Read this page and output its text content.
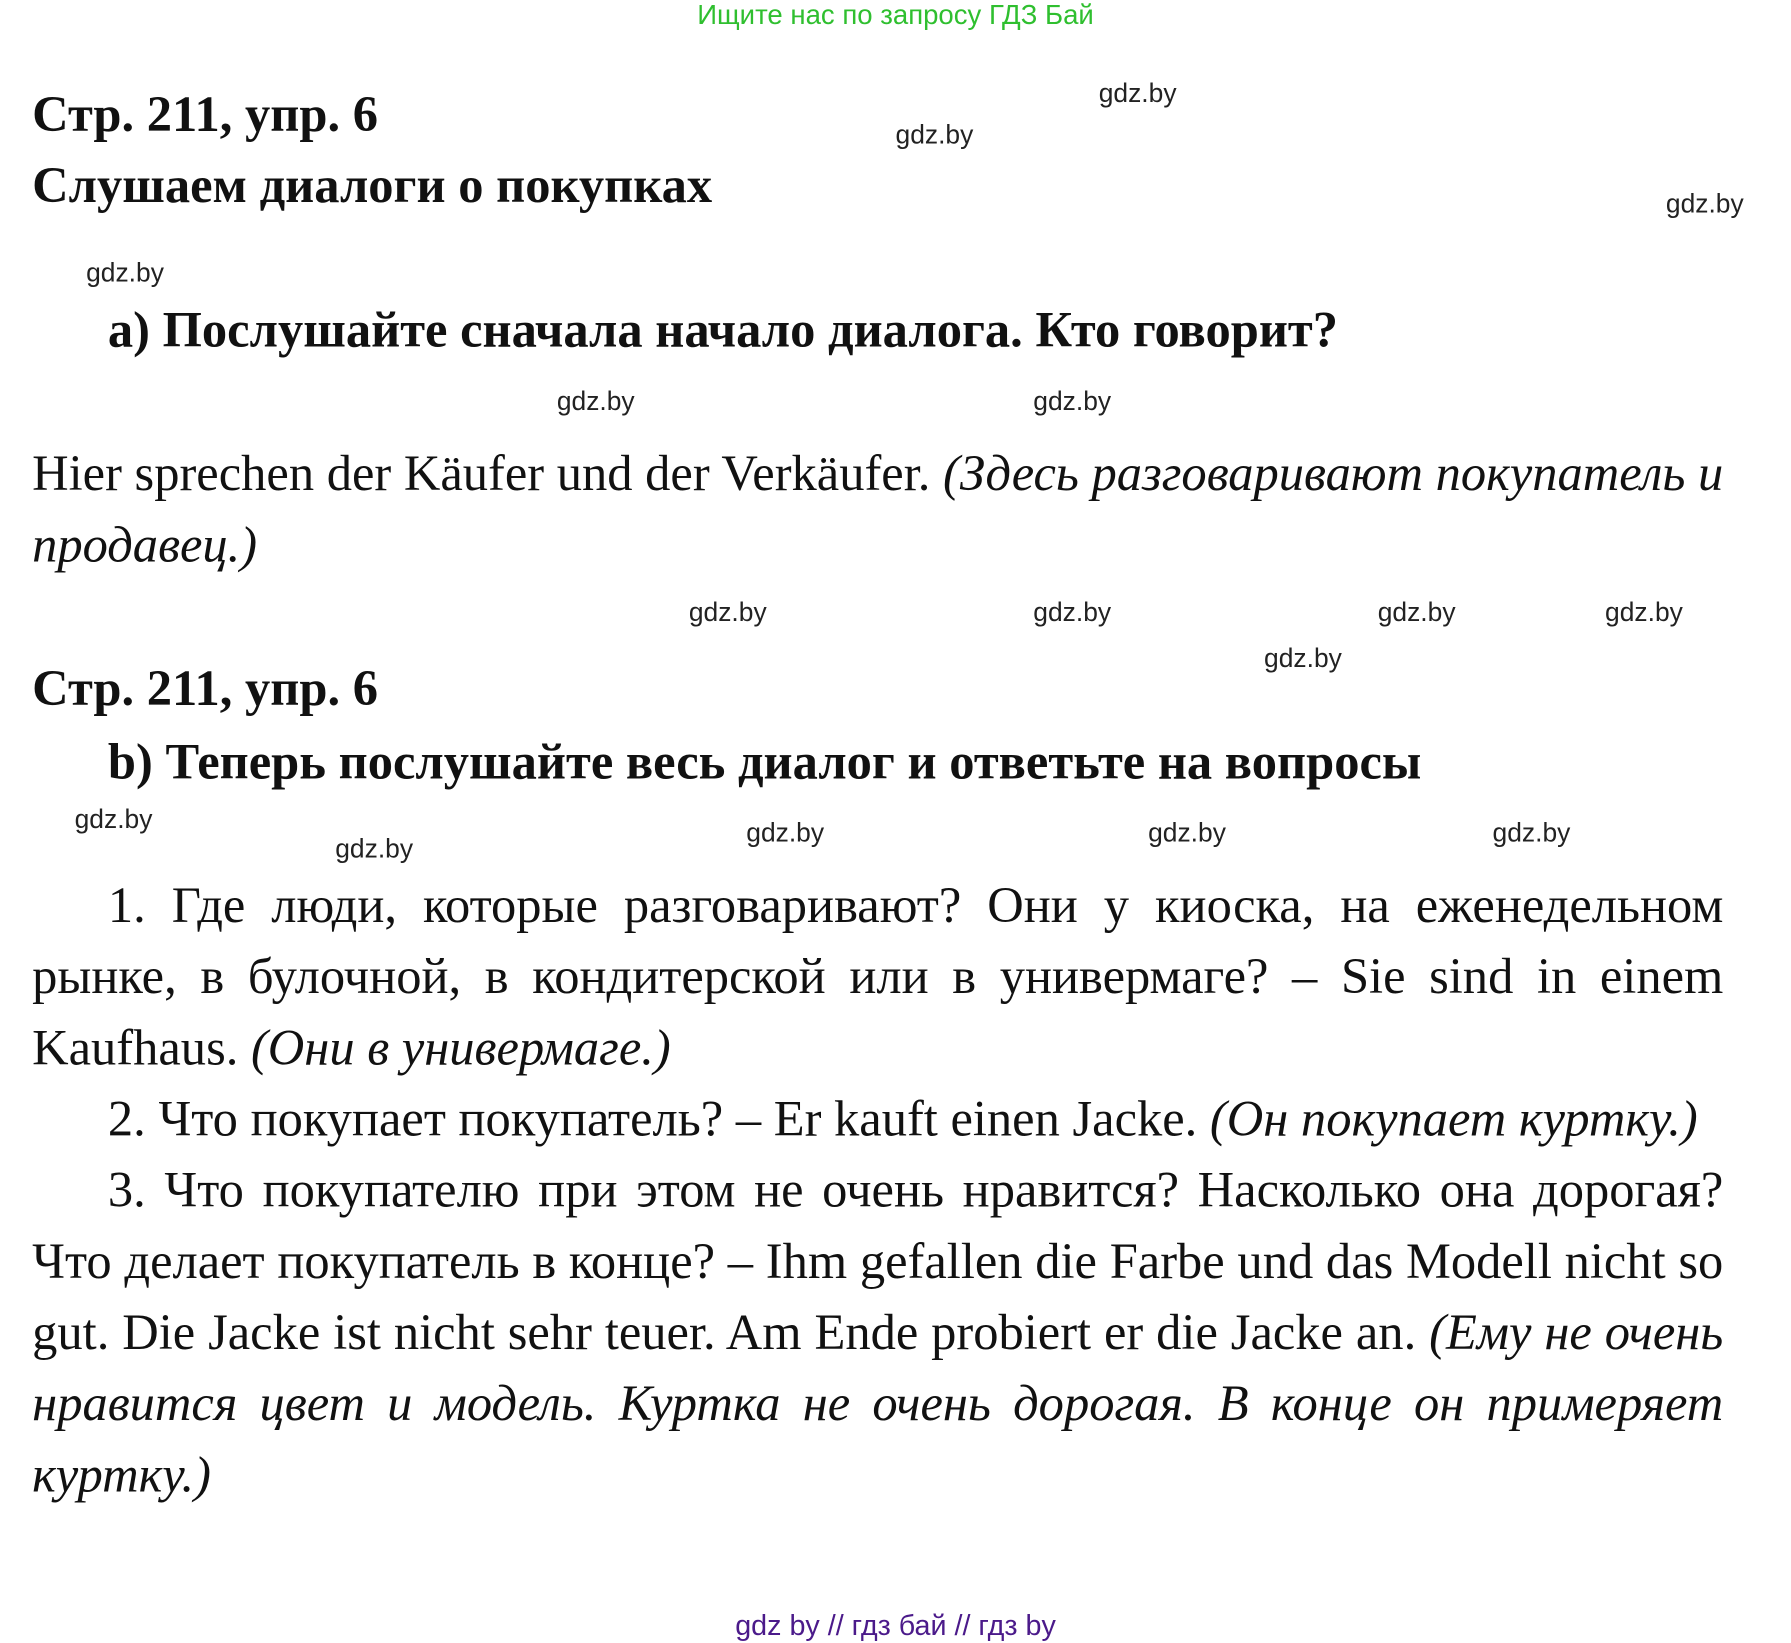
Ищите нас по запросу ГДЗ Бай
Стр. 211, упр. 6
Слушаем диалоги о покупках
a) Послушайте сначала начало диалога. Кто говорит?
Hier sprechen der Käufer und der Verkäufer. (Здесь разговаривают покупатель и продавец.)
Стр. 211, упр. 6
b) Теперь послушайте весь диалог и ответьте на вопросы
1. Где люди, которые разговаривают? Они у киоска, на еженедельном рынке, в булочной, в кондитерской или в универмаге? – Sie sind in einem Kaufhaus. (Они в универмаге.)
2. Что покупает покупатель? – Er kauft einen Jacke. (Он покупает куртку.)
3. Что покупателю при этом не очень нравится? Насколько она дорогая? Что делает покупатель в конце? – Ihm gefallen die Farbe und das Modell nicht so gut. Die Jacke ist nicht sehr teuer. Am Ende probiert er die Jacke an. (Ему не очень нравится цвет и модель. Куртка не очень дорогая. В конце он примеряет куртку.)
gdz.by
gdz.by
gdz.by
gdz.by
gdz.by
gdz.by
gdz.by
gdz.by
gdz.by
gdz.by
gdz.by
gdz.by	gdz.by	gdz.by
gdz.by	gdz.by
gdz by // гдз бай // гдз by
